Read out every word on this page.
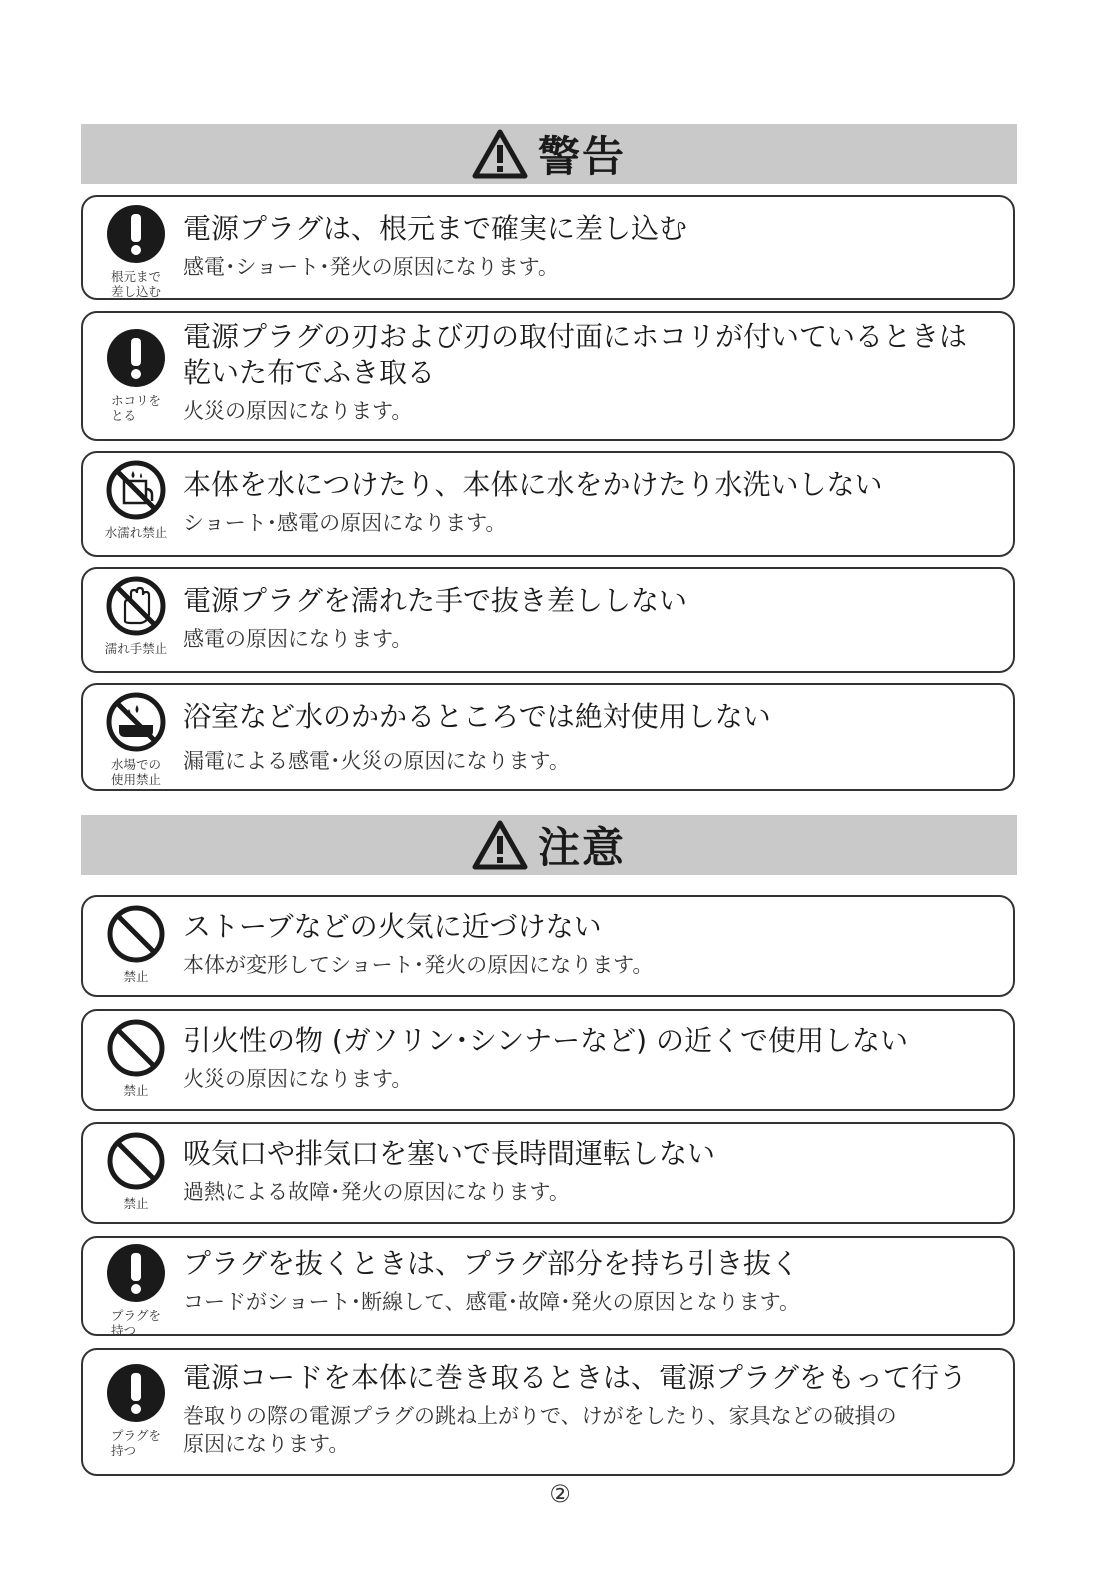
警告
根元まで
差し込む
電源プラグは、根元まで確実に差し込む
感電･ショート･発火の原因になります。
ホコリを
とる
電源プラグの刃および刃の取付面にホコリが付いているときは
乾いた布でふき取る
火災の原因になります。
水濡れ禁止
本体を水につけたり、本体に水をかけたり水洗いしない
ショート･感電の原因になります。
濡れ手禁止
電源プラグを濡れた手で抜き差ししない
感電の原因になります。
水場での
使用禁止
浴室など水のかかるところでは絶対使用しない
漏電による感電･火災の原因になります。
注意
禁止
ストーブなどの火気に近づけない
本体が変形してショート･発火の原因になります。
禁止
引火性の物 (ガソリン･シンナーなど) の近くで使用しない
火災の原因になります。
禁止
吸気口や排気口を塞いで長時間運転しない
過熱による故障･発火の原因になります。
プラグを
持つ
プラグを抜くときは、プラグ部分を持ち引き抜く
コードがショート･断線して、感電･故障･発火の原因となります。
プラグを
持つ
電源コードを本体に巻き取るときは、電源プラグをもって行う
巻取りの際の電源プラグの跳ね上がりで、けがをしたり、家具などの破損の
原因になります。
②
